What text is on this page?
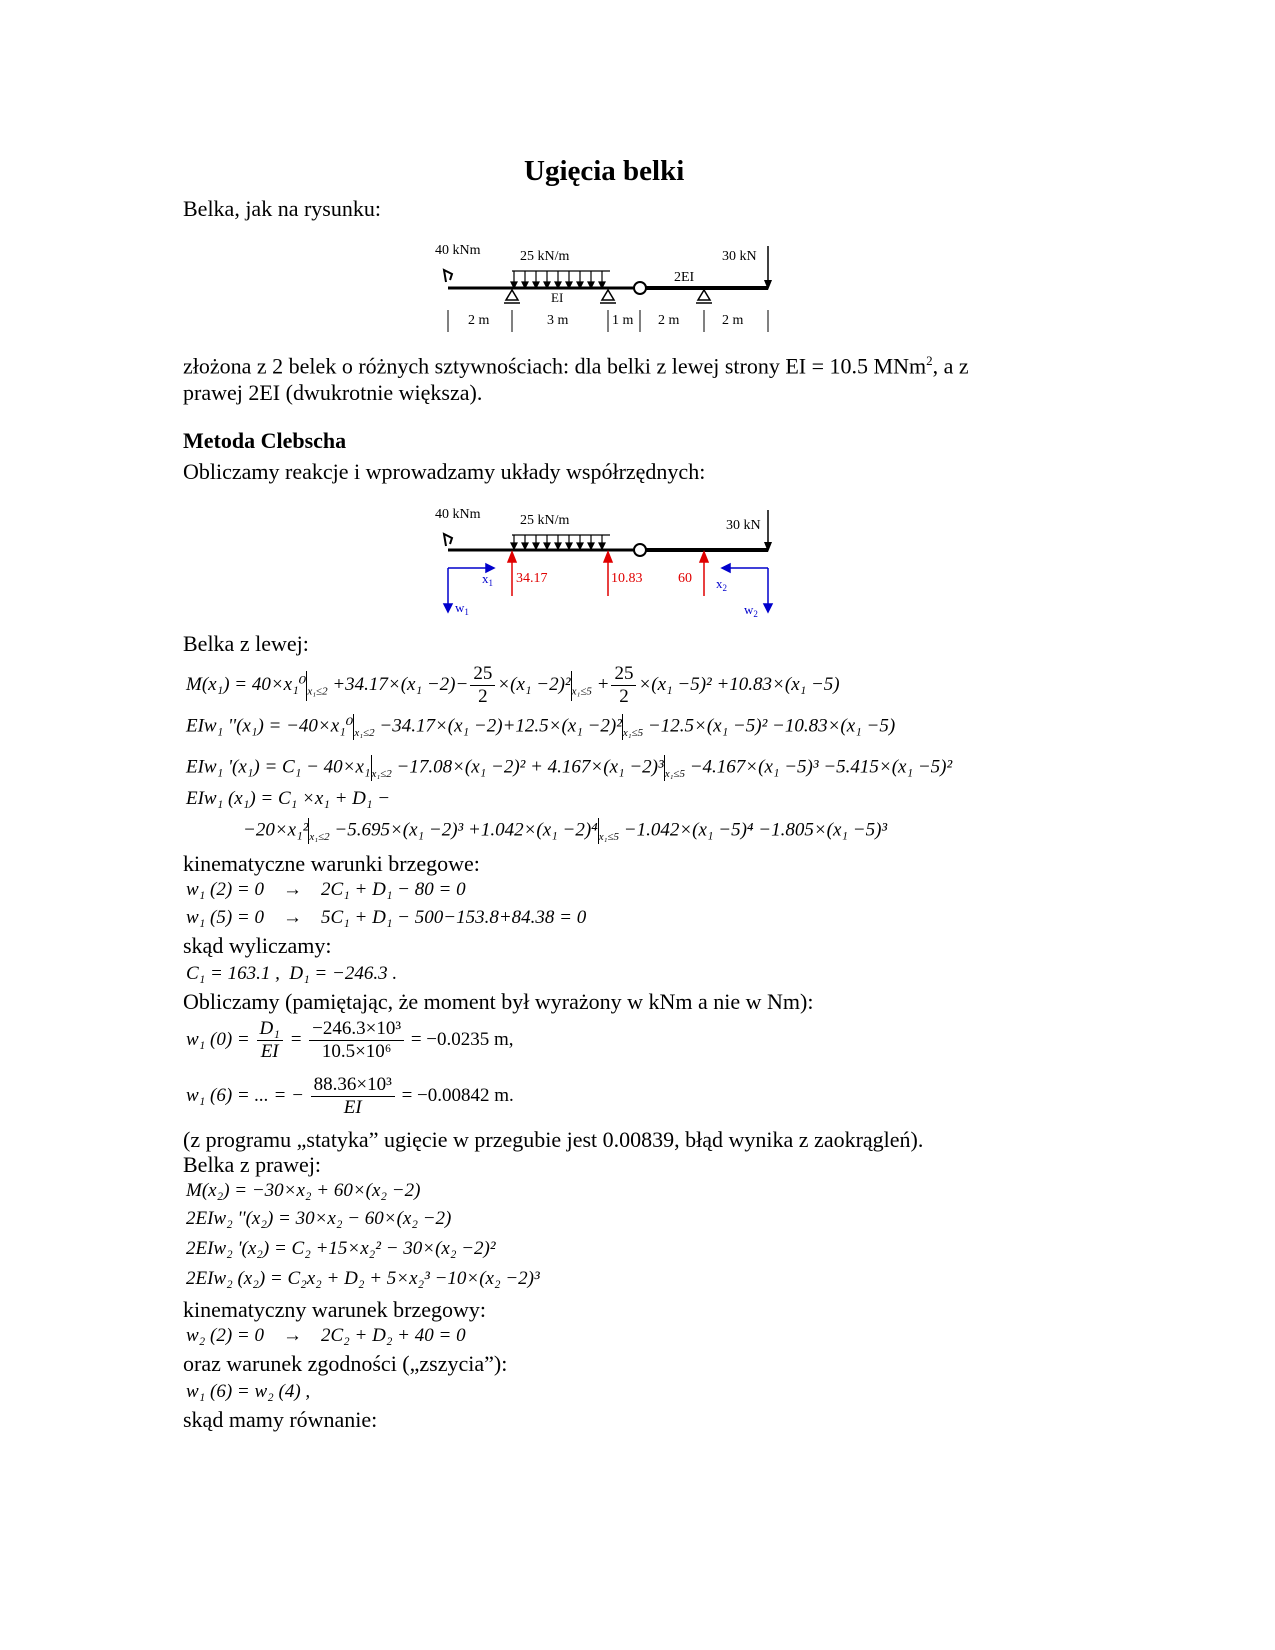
Ugięcia belki
Belka, jak na rysunku:
40 kNm	25 kN/m	30 kN
2EI
EI
2 m	3 m	1 m 2 m	2 m
złożona z 2 belek o różnych sztywnościach: dla belki z lewej strony EI = 10.5 MNm$^2$, a z
prawej 2EI (dwukrotnie większa).
Metoda Clebscha
Obliczamy reakcje i wprowadzamy układy współrzędnych:
40 kNm	25 kN/m	30 kN
34.17	10.83	60
$x_1$
$w_1$
$x_2$
$w_2$
Belka z lewej:
$M(x_1) = 40\times x_1^0_{x_1\le 2} +34.17\times(x_1 -2)- \frac{25}{2} \times(x_1 -2)^2_{x_1\le 5} + \frac{25}{2} \times(x_1 -5)^2 +10.83\times(x_1 -5)$
EIw₁ ''$(x_1) = -40\times x_1^0_{x_1\le 2} -34.17\times(x_1 -2)+12.5\times(x_1 -2)^2_{x_1\le 5} -12.5\times(x_1 -5)^2 -10.83\times(x_1 -5)$
EIw₁ '$(x_1) = C_1 - 40\times x_1_{x_1\le 2} -17.08\times(x_1 -2)^2 + 4.167\times(x_1 -2)^3_{x_1\le 5} -4.167\times(x_1 -5)^3 -5.415\times(x_1 -5)^2$
EIw₁ (x₁) = C₁ ×x₁ + D₁ −
$-20\times x_1^2_{x_1\le 2} -5.695\times(x_1 -2)^3 +1.042\times(x_1 -2)^4_{x_1\le 5} -1.042\times(x_1 -5)^4 -1.805\times(x_1 -5)^3$
kinematyczne warunki brzegowe:
w₁ (2) = 0    →    2C₁ + D₁ − 80 = 0
w₁ (5) = 0    →    5C₁ + D₁ − 500−153.8+84.38 = 0
skąd wyliczamy:
C₁ = 163.1 ,  D₁ = −246.3 .
Obliczamy (pamiętając, że moment był wyrażony w kNm a nie w Nm):
w₁ $(0) = \frac{\text{D₁}}{EI} = \frac{\text{−246.3×10³}}{\text{10.5×10⁶}} = -0.0235$ m,
w₁ (6) = ... = − $\frac{\text{88.36×10³}}{EI} = -0.00842$ m.
(z programu „statyka” ugięcie w przegubie jest 0.00839, błąd wynika z zaokrągleń).
Belka z prawej:
M(x₂) = −30×x₂ + 60×(x₂ −2)
2EIw₂ ''(x₂) = 30×x₂ − 60×(x₂ −2)
2EIw₂ '(x₂) = C₂ +15×x₂² − 30×(x₂ −2)²
2EIw₂ (x₂) = C₂x₂ + D₂ + 5×x₂³ −10×(x₂ −2)³
kinematyczny warunek brzegowy:
w₂ (2) = 0    →    2C₂ + D₂ + 40 = 0
oraz warunek zgodności („zszycia”):
w₁ (6) = w₂ (4) ,
skąd mamy równanie:
